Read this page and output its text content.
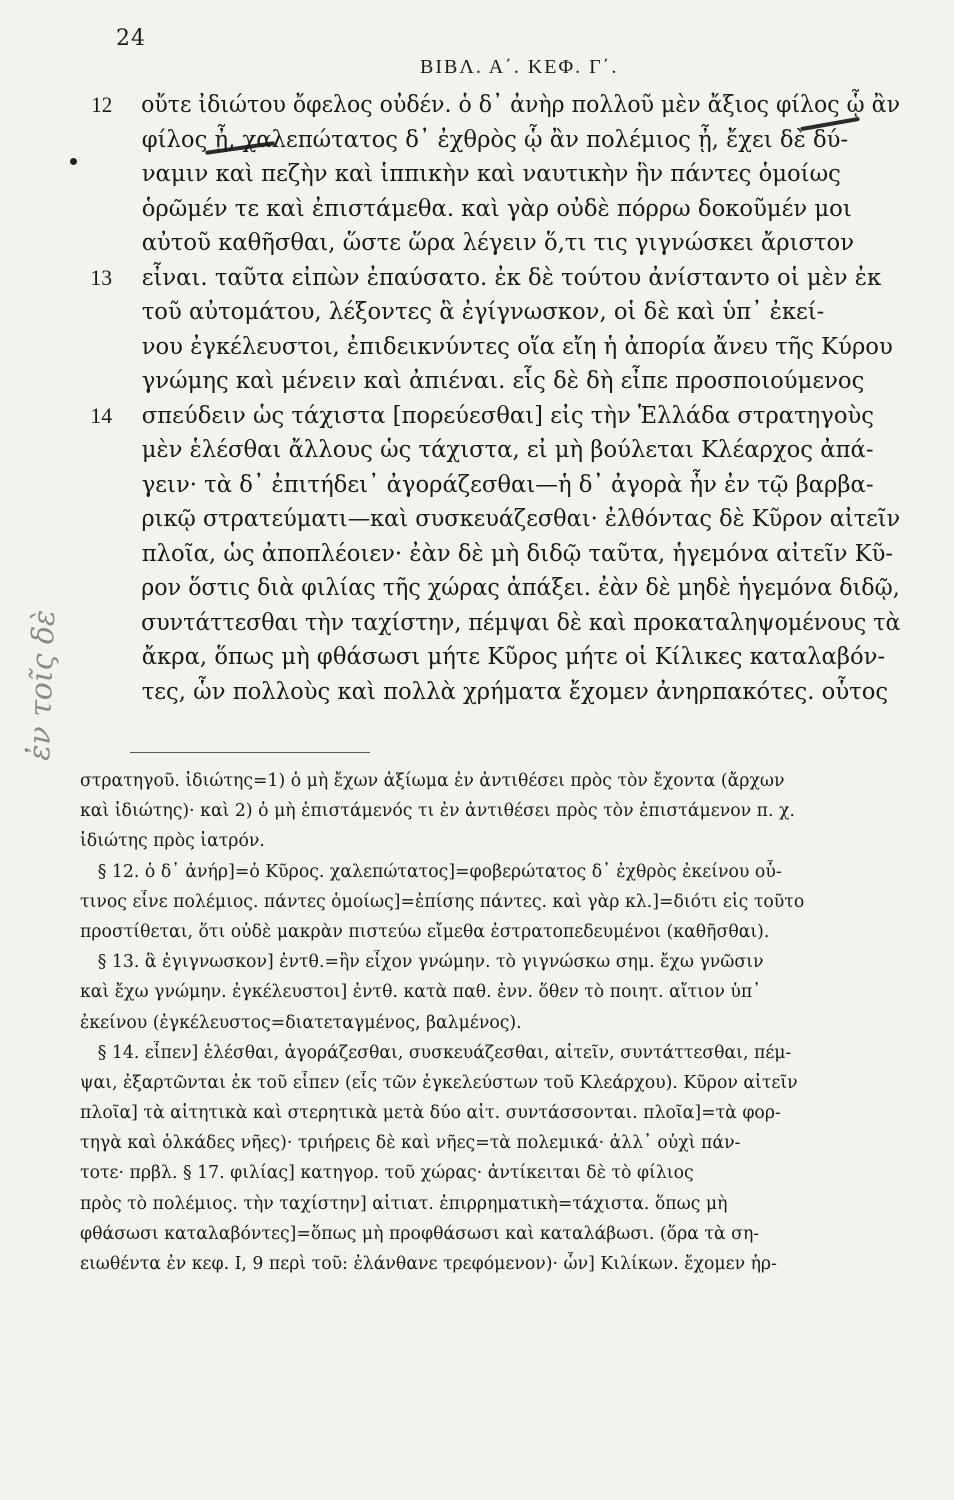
24
ΒΙΒΛ. Α΄. ΚΕΦ. Γ΄.
ἐν τοῖς δὲ
12 οὔτε ἰδιώτου ὄφελος οὐδέν. ὁ δ᾽ ἀνὴρ πολλοῦ μὲν ἄξιος φίλος ᾧ ἂν
φίλος ᾖ, χαλεπώτατος δ᾽ ἐχθρὸς ᾧ ἂν πολέμιος ᾖ, ἔχει δὲ δύ-
ναμιν καὶ πεζὴν καὶ ἱππικὴν καὶ ναυτικὴν ἣν πάντες ὁμοίως
ὁρῶμέν τε καὶ ἐπιστάμεθα. καὶ γὰρ οὐδὲ πόρρω δοκοῦμέν μοι
αὐτοῦ καθῆσθαι, ὥστε ὥρα λέγειν ὅ,τι τις γιγνώσκει ἄριστον
13 εἶναι. ταῦτα εἰπὼν ἐπαύσατο. ἐκ δὲ τούτου ἀνίσταντο οἱ μὲν ἐκ
τοῦ αὐτομάτου, λέξοντες ἃ ἐγίγνωσκον, οἱ δὲ καὶ ὑπ᾽ ἐκεί-
νου ἐγκέλευστοι, ἐπιδεικνύντες οἵα εἴη ἡ ἀπορία ἄνευ τῆς Κύρου
γνώμης καὶ μένειν καὶ ἀπιέναι. εἷς δὲ δὴ εἶπε προσποιούμενος
14 σπεύδειν ὡς τάχιστα [πορεύεσθαι] εἰς τὴν Ἑλλάδα στρατηγοὺς
μὲν ἑλέσθαι ἄλλους ὡς τάχιστα, εἰ μὴ βούλεται Κλέαρχος ἀπά-
γειν· τὰ δ᾽ ἐπιτήδει᾽ ἀγοράζεσθαι—ἡ δ᾽ ἀγορὰ ἦν ἐν τῷ βαρβα-
ρικῷ στρατεύματι—καὶ συσκευάζεσθαι· ἐλθόντας δὲ Κῦρον αἰτεῖν
πλοῖα, ὡς ἀποπλέοιεν· ἐὰν δὲ μὴ διδῷ ταῦτα, ἡγεμόνα αἰτεῖν Κῦ-
ρον ὅστις διὰ φιλίας τῆς χώρας ἀπάξει. ἐὰν δὲ μηδὲ ἡγεμόνα διδῷ,
συντάττεσθαι τὴν ταχίστην, πέμψαι δὲ καὶ προκαταληψομένους τὰ
ἄκρα, ὅπως μὴ φθάσωσι μήτε Κῦρος μήτε οἱ Κίλικες καταλαβόν-
τες, ὧν πολλοὺς καὶ πολλὰ χρήματα ἔχομεν ἀνηρπακότες. οὗτος
στρατηγοῦ. ἰδιώτης=1) ὁ μὴ ἔχων ἀξίωμα ἐν ἀντιθέσει πρὸς τὸν ἔχοντα (ἄρχων
καὶ ἰδιώτης)· καὶ 2) ὁ μὴ ἐπιστάμενός τι ἐν ἀντιθέσει πρὸς τὸν ἐπιστάμενον π. χ.
ἰδιώτης πρὸς ἰατρόν.
§ 12. ὁ δ᾽ ἀνήρ]=ὁ Κῦρος. χαλεπώτατος]=φοβερώτατος δ᾽ ἐχθρὸς ἐκείνου οὗ-
τινος εἶνε πολέμιος. πάντες ὁμοίως]=ἐπίσης πάντες. καὶ γὰρ κλ.]=διότι εἰς τοῦτο
προστίθεται, ὅτι οὐδὲ μακρὰν πιστεύω εἴμεθα ἐστρατοπεδευμένοι (καθῆσθαι).
§ 13. ἃ ἐγιγνωσκον] ἐντθ.=ἣν εἶχον γνώμην. τὸ γιγνώσκω σημ. ἔχω γνῶσιν
καὶ ἔχω γνώμην. ἐγκέλευστοι] ἐντθ. κατὰ παθ. ἐνν. ὅθεν τὸ ποιητ. αἴτιον ὑπ᾽
ἐκείνου (ἐγκέλευστος=διατεταγμένος, βαλμένος).
§ 14. εἶπεν] ἑλέσθαι, ἀγοράζεσθαι, συσκευάζεσθαι, αἰτεῖν, συντάττεσθαι, πέμ-
ψαι, ἐξαρτῶνται ἐκ τοῦ εἶπεν (εἷς τῶν ἐγκελεύστων τοῦ Κλεάρχου). Κῦρον αἰτεῖν
πλοῖα] τὰ αἰτητικὰ καὶ στερητικὰ μετὰ δύο αἰτ. συντάσσονται. πλοῖα]=τὰ φορ-
τηγὰ καὶ ὁλκάδες νῆες)· τριήρεις δὲ καὶ νῆες=τὰ πολεμικά· ἀλλ᾽ οὐχὶ πάν-
τοτε· πρβλ. § 17. φιλίας] κατηγορ. τοῦ χώρας· ἀντίκειται δὲ τὸ φίλιος
πρὸς τὸ πολέμιος. τὴν ταχίστην] αἰτιατ. ἐπιρρηματικὴ=τάχιστα. ὅπως μὴ
φθάσωσι καταλαβόντες]=ὅπως μὴ προφθάσωσι καὶ καταλάβωσι. (ὅρα τὰ ση-
ειωθέντα ἐν κεφ. I, 9 περὶ τοῦ: ἐλάνθανε τρεφόμενον)· ὧν] Κιλίκων. ἔχομεν ἡρ-
